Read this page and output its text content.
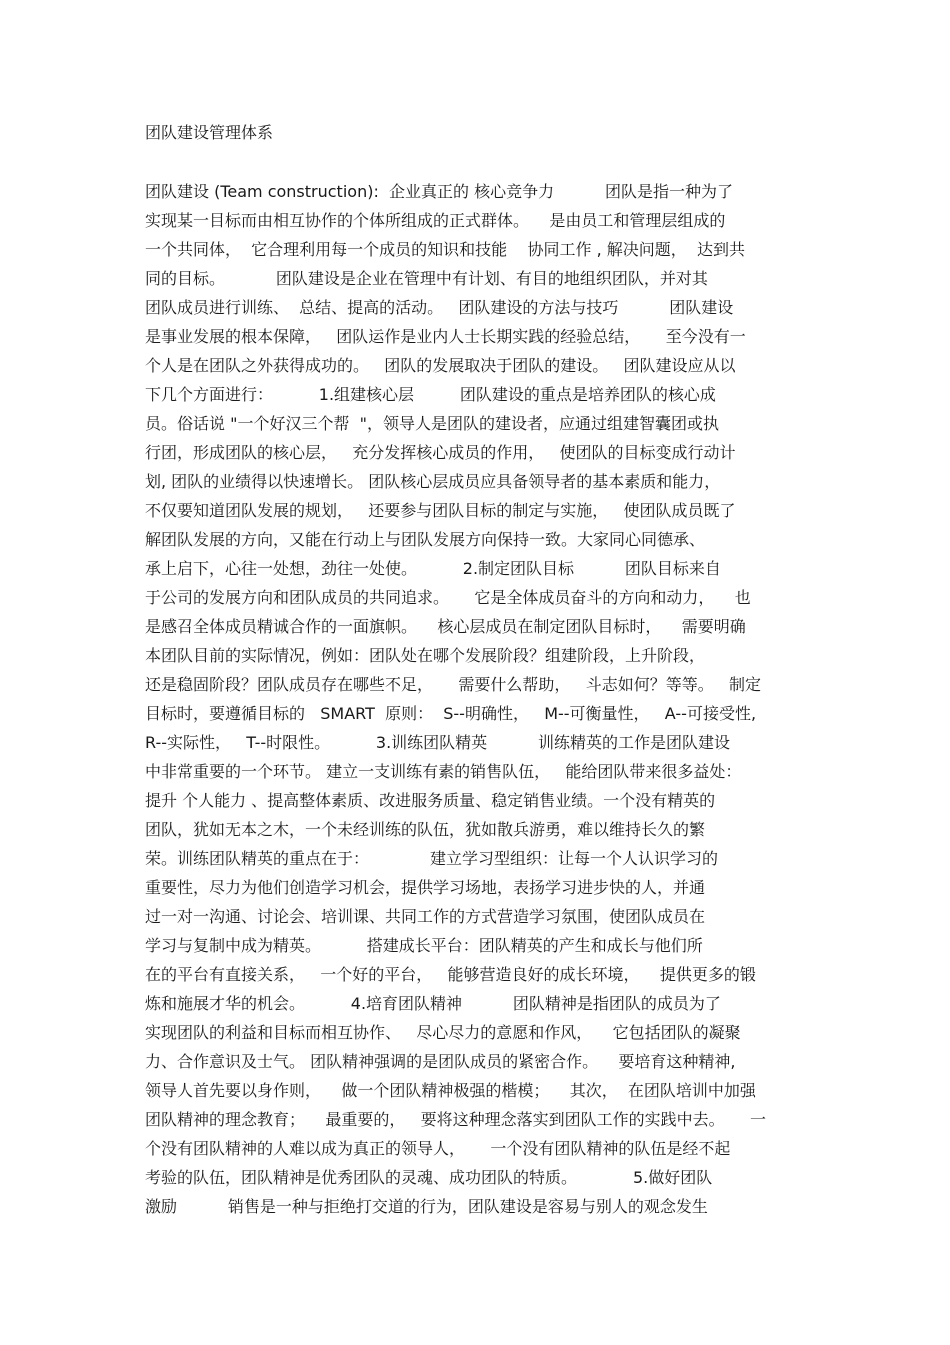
团队建设管理体系
团队建设 (Team construction):  企业真正的 核心竞争力          团队是指一种为了
实现某一目标而由相互协作的个体所组成的正式群体。    是由员工和管理层组成的
一个共同体，  它合理利用每一个成员的知识和技能    协同工作 , 解决问题，  达到共
同的目标。          团队建设是企业在管理中有计划、有目的地组织团队，并对其
团队成员进行训练、  总结、提高的活动。   团队建设的方法与技巧          团队建设
是事业发展的根本保障，   团队运作是业内人士长期实践的经验总结，     至今没有一
个人是在团队之外获得成功的。   团队的发展取决于团队的建设。   团队建设应从以
下几个方面进行：         1.组建核心层         团队建设的重点是培养团队的核心成
员。俗话说 "一个好汉三个帮  "，领导人是团队的建设者，应通过组建智囊团或执
行团，形成团队的核心层，   充分发挥核心成员的作用，   使团队的目标变成行动计
划, 团队的业绩得以快速增长。 团队核心层成员应具备领导者的基本素质和能力，
不仅要知道团队发展的规划，   还要参与团队目标的制定与实施，   使团队成员既了
解团队发展的方向，又能在行动上与团队发展方向保持一致。大家同心同德承、
承上启下，心往一处想，劲往一处使。         2.制定团队目标          团队目标来自
于公司的发展方向和团队成员的共同追求。     它是全体成员奋斗的方向和动力，    也
是感召全体成员精诚合作的一面旗帜。    核心层成员在制定团队目标时，    需要明确
本团队目前的实际情况，例如：团队处在哪个发展阶段？组建阶段，上升阶段，
还是稳固阶段？团队成员存在哪些不足，     需要什么帮助，   斗志如何？等等。   制定
目标时，要遵循目标的   SMART  原则：  S--明确性，   M--可衡量性，   A--可接受性,
R--实际性，   T--时限性。         3.训练团队精英          训练精英的工作是团队建设
中非常重要的一个环节。 建立一支训练有素的销售队伍，   能给团队带来很多益处：
提升 个人能力 、提高整体素质、改进服务质量、稳定销售业绩。一个没有精英的
团队，犹如无本之木，一个未经训练的队伍，犹如散兵游勇，难以维持长久的繁
荣。训练团队精英的重点在于：            建立学习型组织：让每一个人认识学习的
重要性，尽力为他们创造学习机会，提供学习场地，表扬学习进步快的人，并通
过一对一沟通、讨论会、培训课、共同工作的方式营造学习氛围，使团队成员在
学习与复制中成为精英。         搭建成长平台：团队精英的产生和成长与他们所
在的平台有直接关系，   一个好的平台，   能够营造良好的成长环境，    提供更多的锻
炼和施展才华的机会。         4.培育团队精神          团队精神是指团队的成员为了
实现团队的利益和目标而相互协作、   尽心尽力的意愿和作风，    它包括团队的凝聚
力、合作意识及士气。 团队精神强调的是团队成员的紧密合作。    要培育这种精神,
领导人首先要以身作则，    做一个团队精神极强的楷模；    其次，  在团队培训中加强
团队精神的理念教育；    最重要的，   要将这种理念落实到团队工作的实践中去。     一
个没有团队精神的人难以成为真正的领导人，     一个没有团队精神的队伍是经不起
考验的队伍，团队精神是优秀团队的灵魂、成功团队的特质。           5.做好团队
激励          销售是一种与拒绝打交道的行为，团队建设是容易与别人的观念发生
